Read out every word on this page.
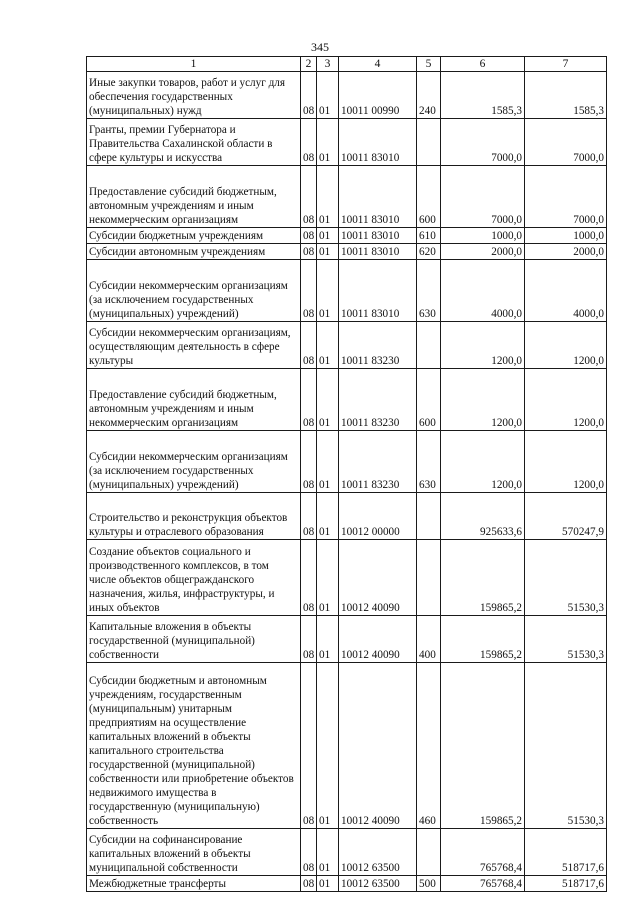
345
1	2	3	4	5	6	7
Иные закупки товаров, работ и услуг для обеспечения государственных (муниципальных) нужд	08	01	10011 00990	240	1585,3	1585,3
Гранты, премии Губернатора и Правительства Сахалинской области в сфере культуры и искусства	08	01	10011 83010		7000,0	7000,0
Предоставление субсидий бюджетным, автономным учреждениям и иным некоммерческим организациям	08	01	10011 83010	600	7000,0	7000,0
Субсидии бюджетным учреждениям	08	01	10011 83010	610	1000,0	1000,0
Субсидии автономным учреждениям	08	01	10011 83010	620	2000,0	2000,0
Субсидии некоммерческим организациям (за исключением государственных (муниципальных) учреждений)	08	01	10011 83010	630	4000,0	4000,0
Субсидии некоммерческим организациям, осуществляющим деятельность в сфере культуры	08	01	10011 83230		1200,0	1200,0
Предоставление субсидий бюджетным, автономным учреждениям и иным некоммерческим организациям	08	01	10011 83230	600	1200,0	1200,0
Субсидии некоммерческим организациям (за исключением государственных (муниципальных) учреждений)	08	01	10011 83230	630	1200,0	1200,0
Строительство и реконструкция объектов культуры и отраслевого образования	08	01	10012 00000		925633,6	570247,9
Создание объектов социального и производственного комплексов, в том числе объектов общегражданского назначения, жилья, инфраструктуры, и иных объектов	08	01	10012 40090		159865,2	51530,3
Капитальные вложения в объекты государственной (муниципальной) собственности	08	01	10012 40090	400	159865,2	51530,3
Субсидии бюджетным и автономным учреждениям, государственным (муниципальным) унитарным предприятиям на осуществление капитальных вложений в объекты капитального строительства государственной (муниципальной) собственности или приобретение объектов недвижимого имущества в государственную (муниципальную) собственность	08	01	10012 40090	460	159865,2	51530,3
Субсидии на софинансирование капитальных вложений в объекты муниципальной собственности	08	01	10012 63500		765768,4	518717,6
Межбюджетные трансферты	08	01	10012 63500	500	765768,4	518717,6
